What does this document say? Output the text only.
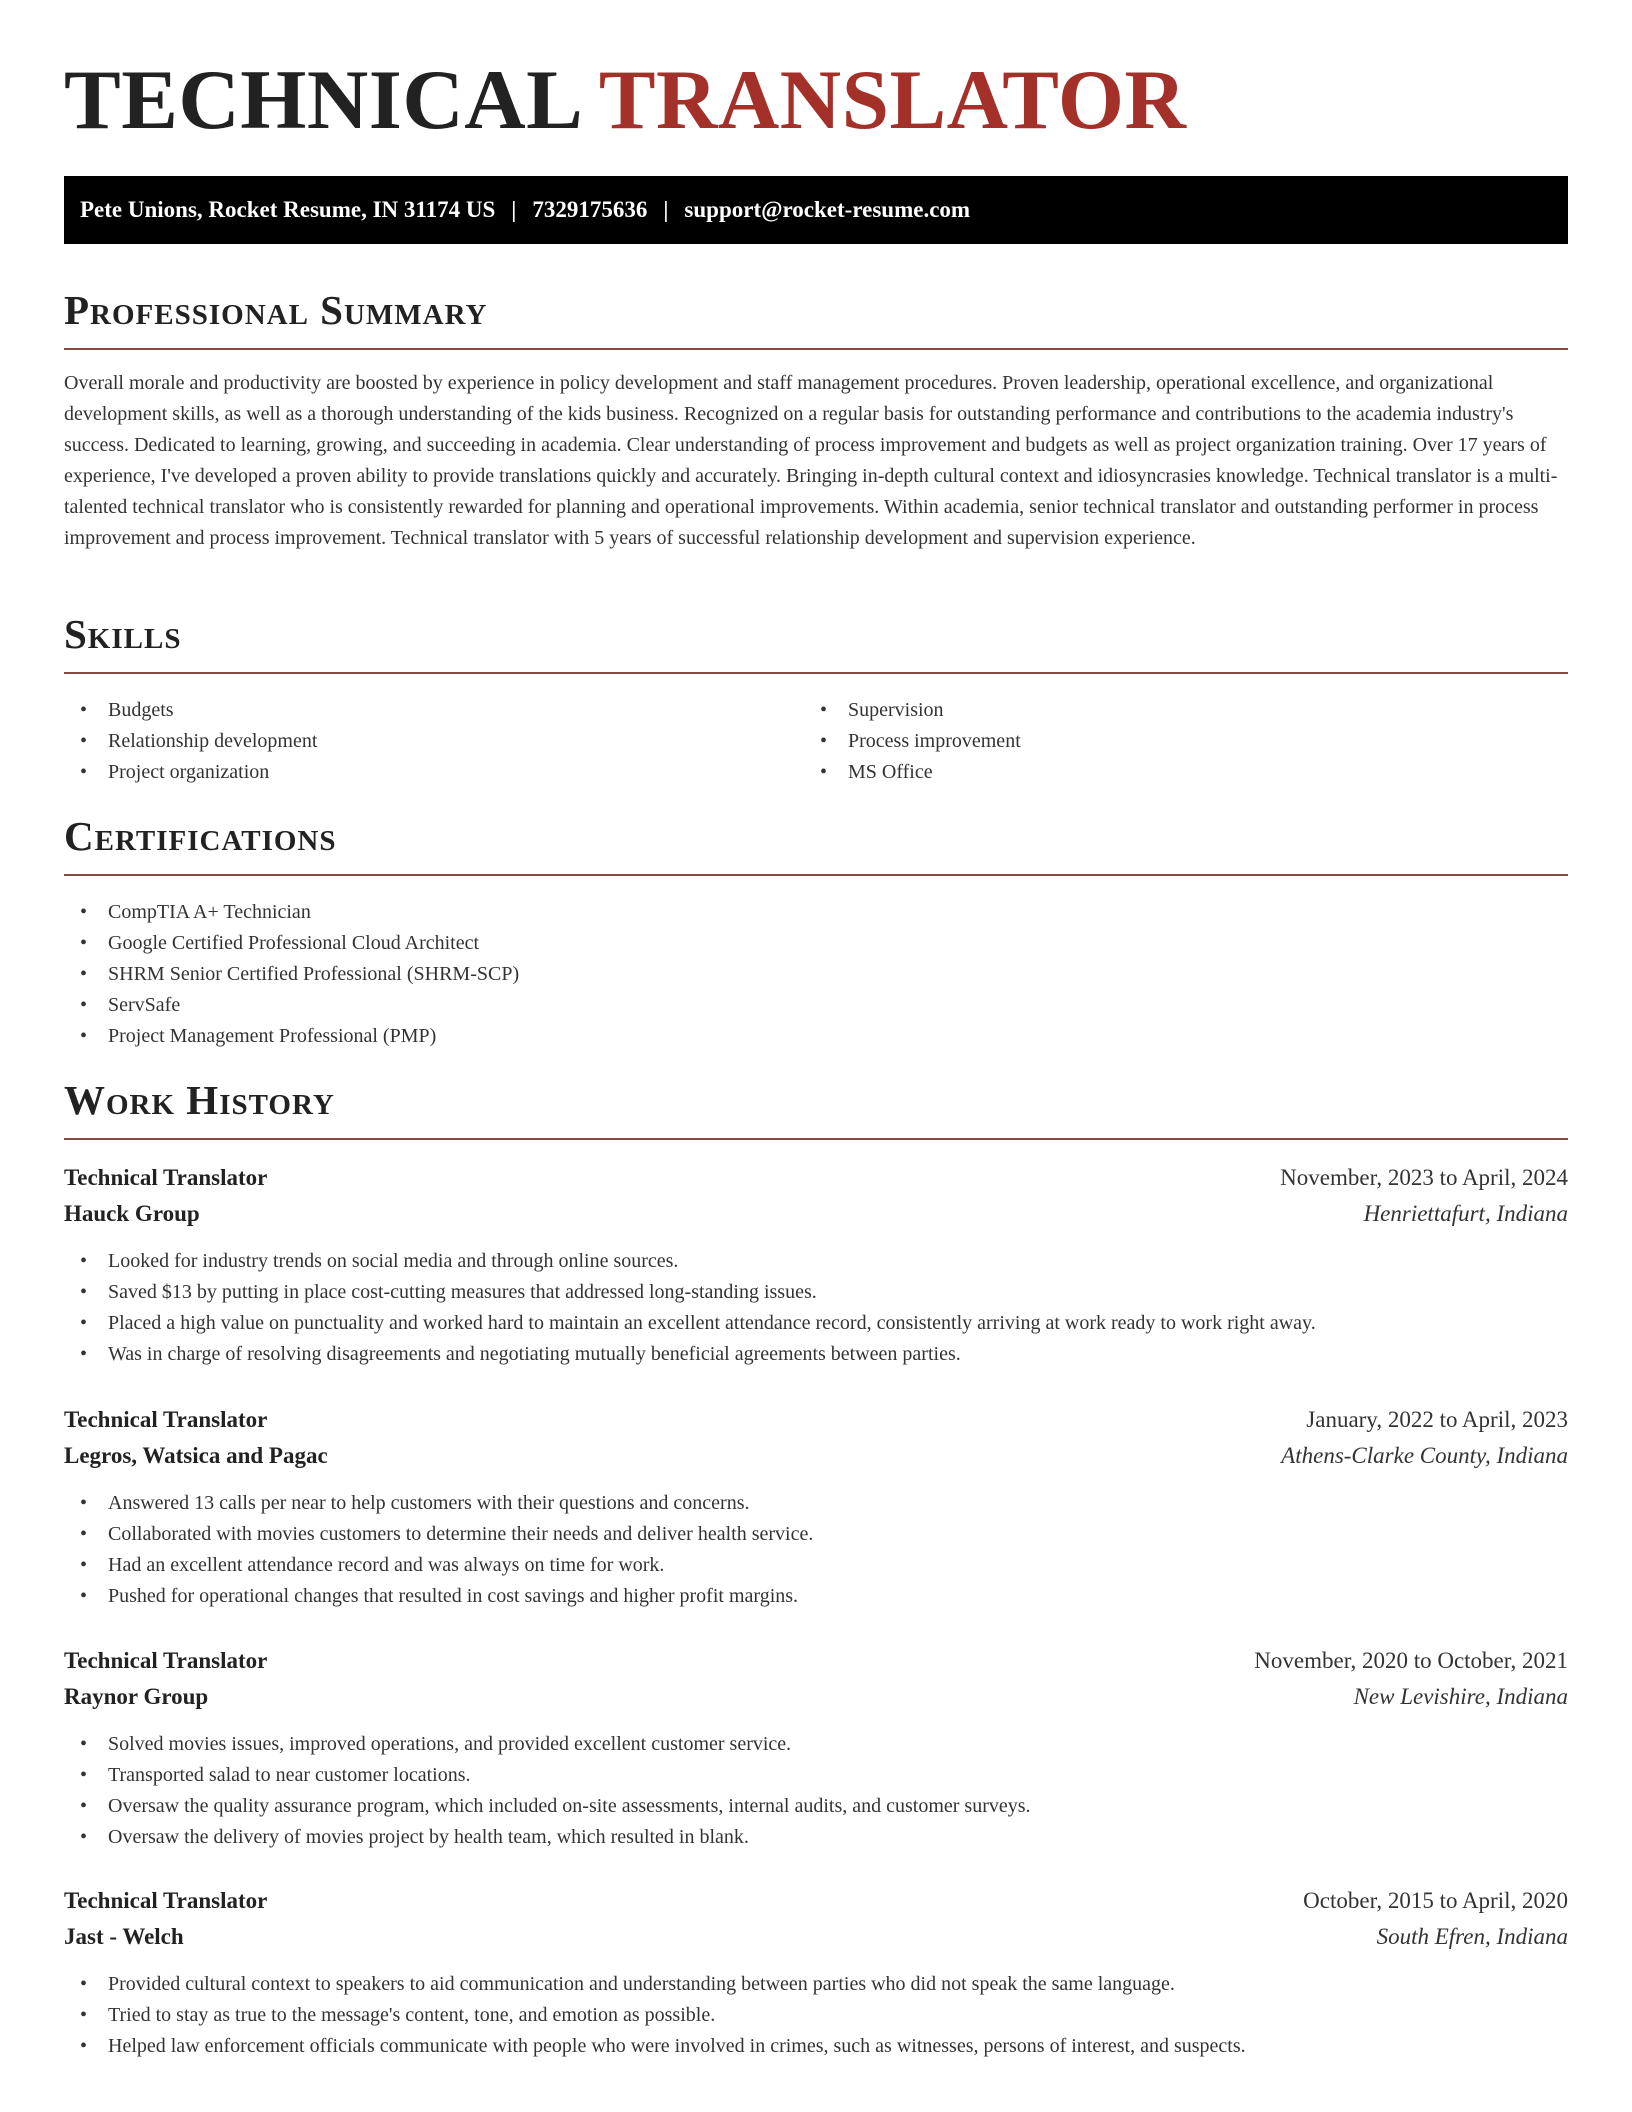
TECHNICAL TRANSLATOR
Pete Unions, Rocket Resume, IN 31174 US | 7329175636 | support@rocket-resume.com
Professional Summary

Overall morale and productivity are boosted by experience in policy development and staff management procedures. Proven leadership, operational excellence, and organizational development skills, as well as a thorough understanding of the kids business. Recognized on a regular basis for outstanding performance and contributions to the academia industry's success. Dedicated to learning, growing, and succeeding in academia. Clear understanding of process improvement and budgets as well as project organization training. Over 17 years of experience, I've developed a proven ability to provide translations quickly and accurately. Bringing in-depth cultural context and idiosyncrasies knowledge. Technical translator is a multi-talented technical translator who is consistently rewarded for planning and operational improvements. Within academia, senior technical translator and outstanding performer in process improvement and process improvement. Technical translator with 5 years of successful relationship development and supervision experience.

Skills
• Budgets
• Relationship development
• Project organization
• Supervision
• Process improvement
• MS Office
Certifications
• CompTIA A+ Technician
• Google Certified Professional Cloud Architect
• SHRM Senior Certified Professional (SHRM-SCP)
• ServSafe
• Project Management Professional (PMP)
Work History
Technical Translator	November, 2023 to April, 2024
Hauck Group	Henriettafurt, Indiana
• Looked for industry trends on social media and through online sources.
• Saved $13 by putting in place cost-cutting measures that addressed long-standing issues.
• Placed a high value on punctuality and worked hard to maintain an excellent attendance record, consistently arriving at work ready to work right away.
• Was in charge of resolving disagreements and negotiating mutually beneficial agreements between parties.
Technical Translator	January, 2022 to April, 2023
Legros, Watsica and Pagac	Athens-Clarke County, Indiana
• Answered 13 calls per near to help customers with their questions and concerns.
• Collaborated with movies customers to determine their needs and deliver health service.
• Had an excellent attendance record and was always on time for work.
• Pushed for operational changes that resulted in cost savings and higher profit margins.
Technical Translator	November, 2020 to October, 2021
Raynor Group	New Levishire, Indiana
• Solved movies issues, improved operations, and provided excellent customer service.
• Transported salad to near customer locations.
• Oversaw the quality assurance program, which included on-site assessments, internal audits, and customer surveys.
• Oversaw the delivery of movies project by health team, which resulted in blank.
Technical Translator	October, 2015 to April, 2020
Jast - Welch	South Efren, Indiana
• Provided cultural context to speakers to aid communication and understanding between parties who did not speak the same language.
• Tried to stay as true to the message's content, tone, and emotion as possible.
• Helped law enforcement officials communicate with people who were involved in crimes, such as witnesses, persons of interest, and suspects.
